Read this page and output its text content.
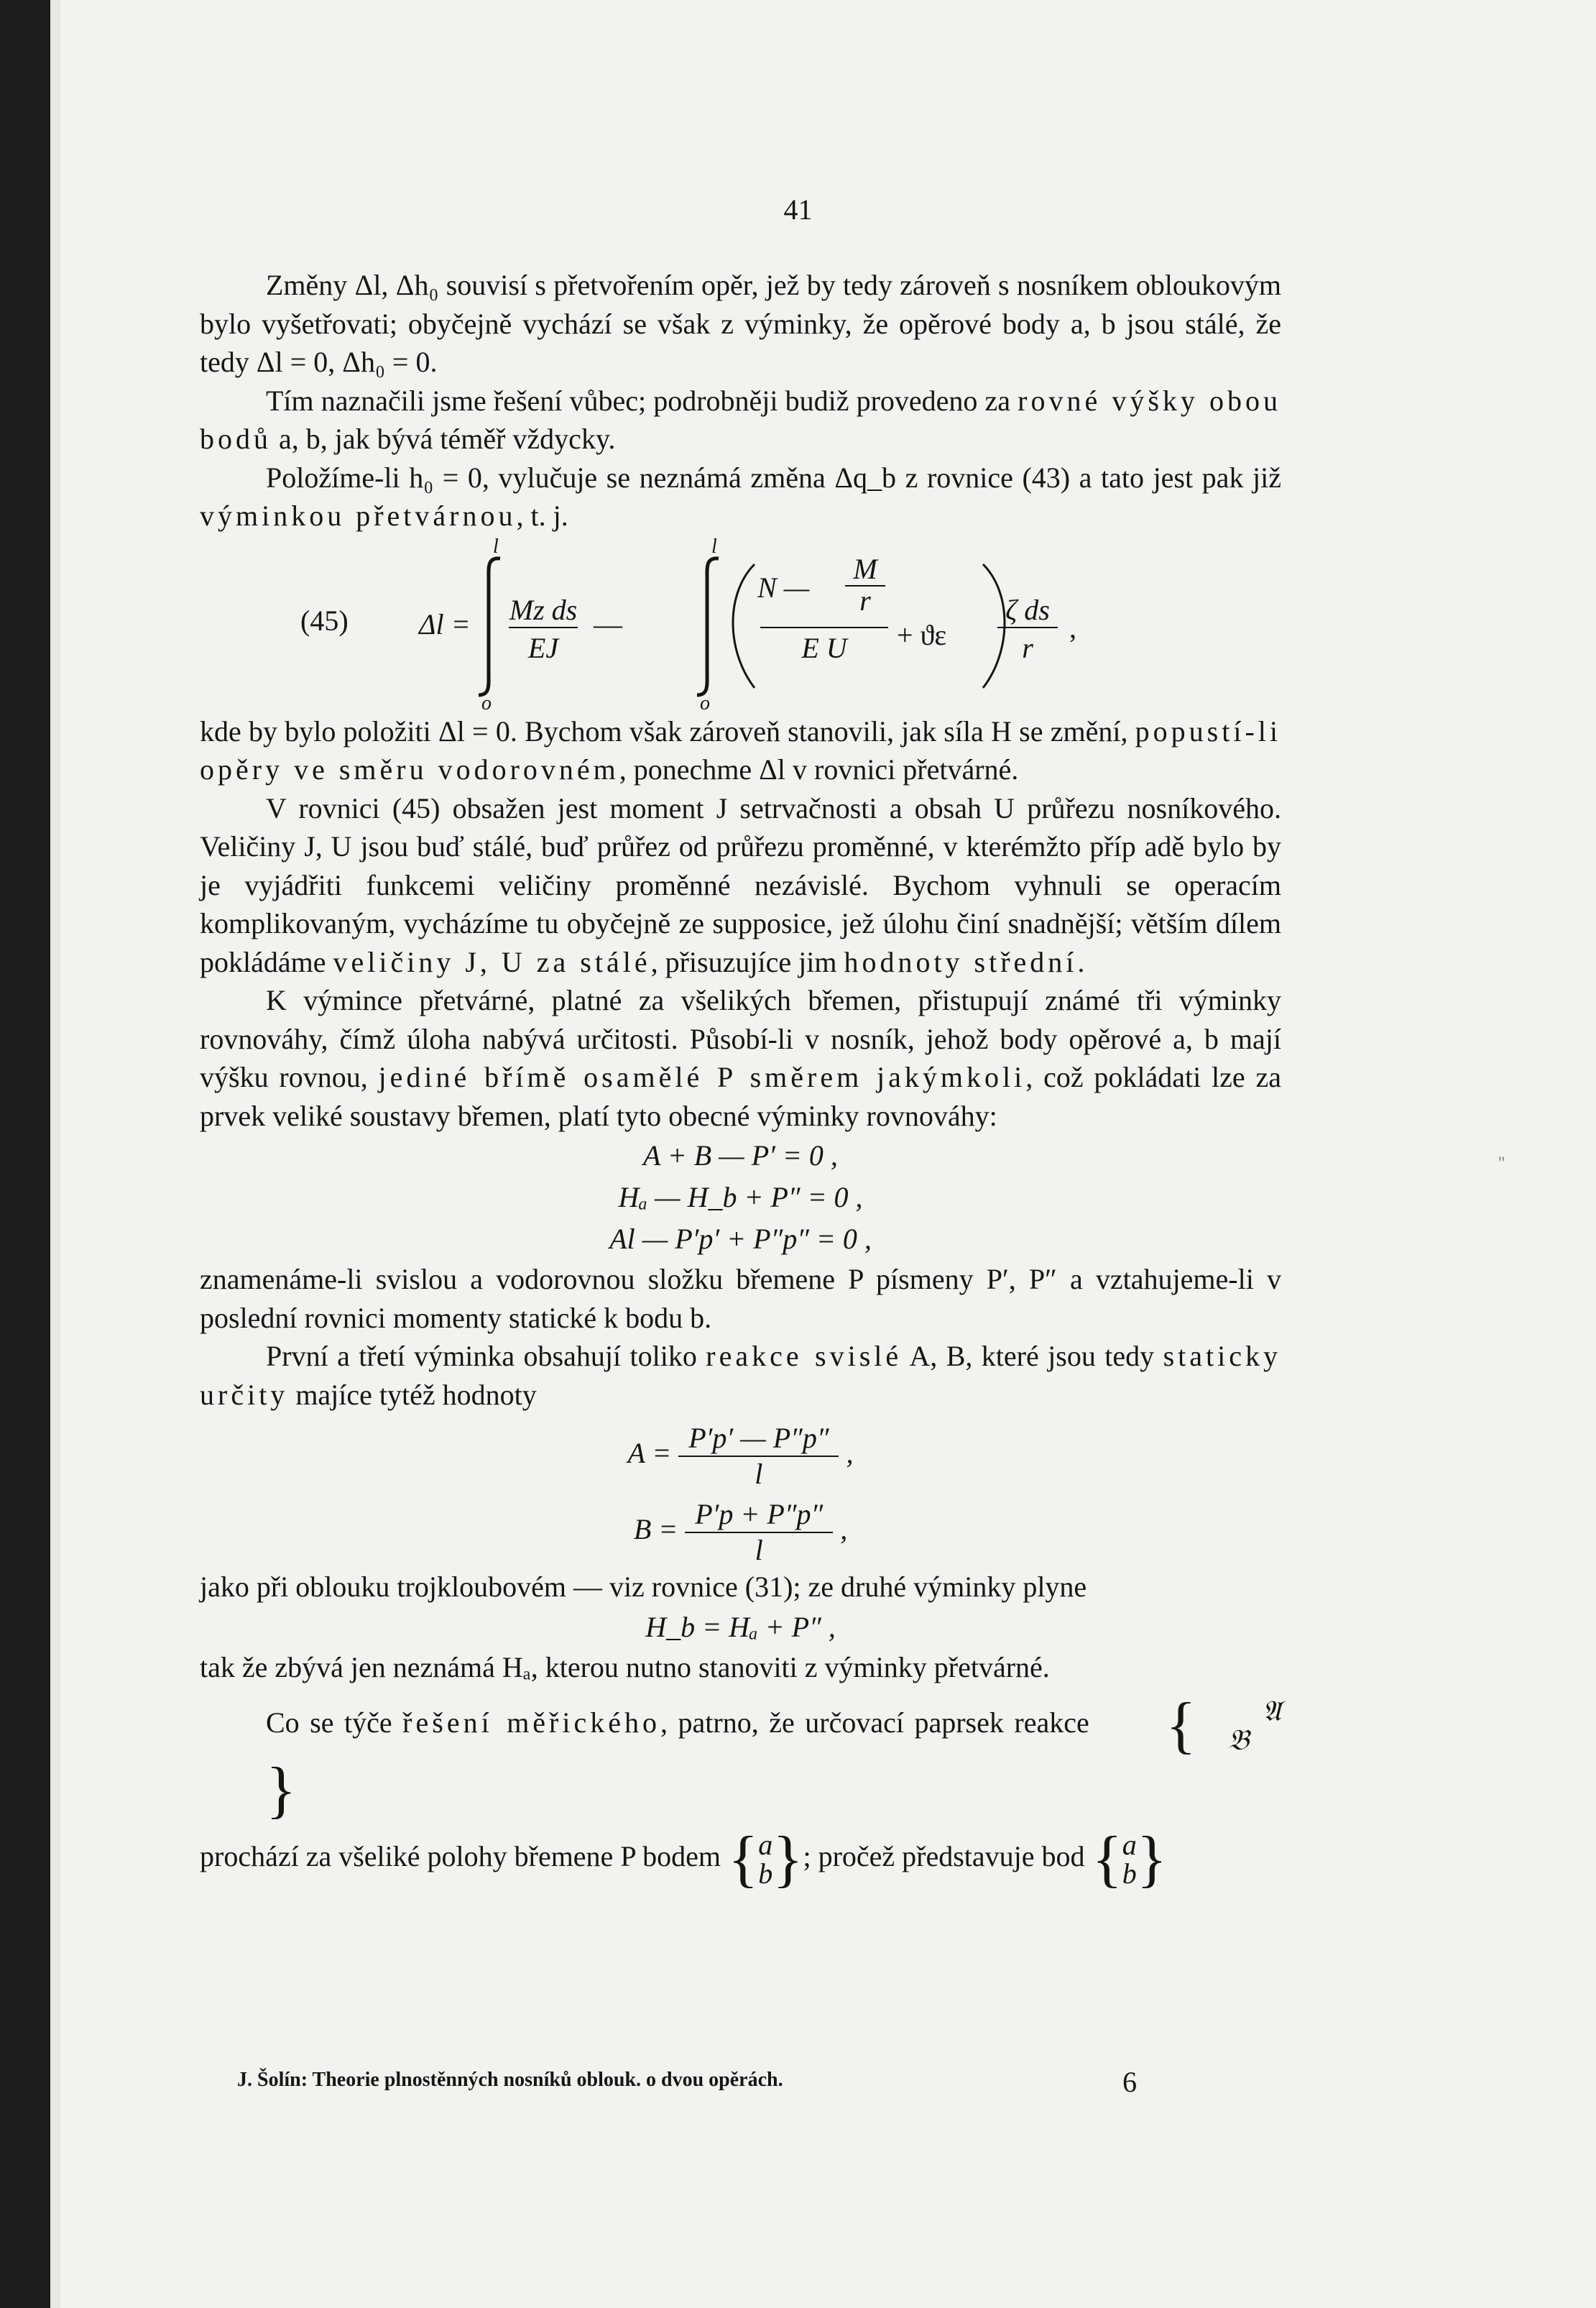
41
''

Změny Δl, Δh₀ souvisí s přetvořením opěr, jež by tedy zároveň s nosníkem obloukovým bylo vyšetřovati; obyčejně vychází se však z výminky, že opěrové body a, b jsou stálé, že tedy Δl = 0, Δh₀ = 0.

Tím naznačili jsme řešení vůbec; podrobněji budiž provedeno za rovné výšky obou bodů a, b, jak bývá téměř vždycky.

Položíme-li h₀ = 0, vylučuje se neznámá změna Δq_b z rovnice (43) a tato jest pak již výminkou přetvárnou, t. j.

(45) Δl =
l
o
Mz ds
EJ
—
l
o
N —
M
r
E U + ϑε
ζ ds
r
,

kde by bylo položiti Δl = 0. Bychom však zároveň stanovili, jak síla H se změní, popustí-li opěry ve směru vodorovném, ponechme Δl v rovnici přetvárné.

V rovnici (45) obsažen jest moment J setrvačnosti a obsah U průřezu nosníkového. Veličiny J, U jsou buď stálé, buď průřez od průřezu proměnné, v kterémžto příp adě bylo by je vyjádřiti funkcemi veličiny proměnné nezávislé. Bychom vyhnuli se operacím komplikovaným, vycházíme tu obyčejně ze supposice, jež úlohu činí snadnější; větším dílem pokládáme veličiny J, U za stálé, přisuzujíce jim hodnoty střední.

K výmince přetvárné, platné za všelikých břemen, přistupují známé tři výminky rovnováhy, čímž úloha nabývá určitosti. Působí-li v nosník, jehož body opěrové a, b mají výšku rovnou, jediné břímě osamělé P směrem jakýmkoli, což pokládati lze za prvek veliké soustavy břemen, platí tyto obecné výminky rovnováhy:

A + B — P′ = 0 ,
Hₐ — H_b + P″ = 0 ,
Al — P′p′ + P″p″ = 0 ,

znamenáme-li svislou a vodorovnou složku břemene P písmeny P′, P″ a vztahujeme-li v poslední rovnici momenty statické k bodu b.

První a třetí výminka obsahují toliko reakce svislé A, B, které jsou tedy staticky určity majíce tytéž hodnoty

$A = \frac{P'p' — P''p''}{l}$ ,
$B = \frac{P'p + P''p''}{l}$ ,

jako při oblouku trojkloubovém — viz rovnice (31); ze druhé výminky plyne

H_b = Hₐ + P″ ,

tak že zbývá jen neznámá Hₐ, kterou nutno stanoviti z výminky přetvárné.

Co se týče řešení měřického, patrno, že určovací paprsek reakce { 𝔄
𝔅}

prochází za všeliké polohy břemene P bodem {a
b}; pročež představuje bod {a
b}

J. Šolín: Theorie plnostěnných nosníků oblouk. o dvou opěrách.	6
